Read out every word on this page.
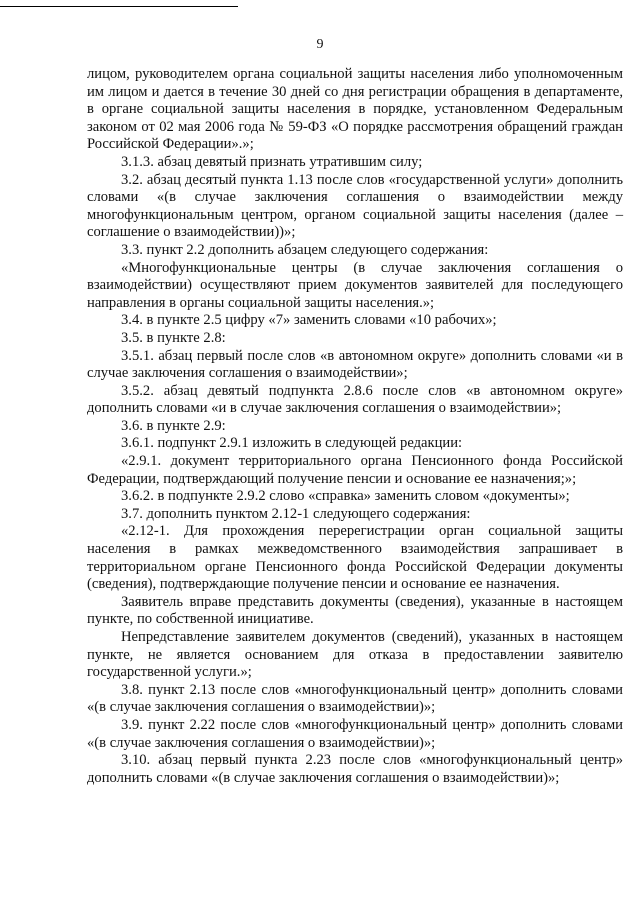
9

лицом, руководителем органа социальной защиты населения либо уполномоченным им лицом и дается в течение 30 дней со дня регистрации обращения в департаменте, в органе социальной защиты населения в порядке, установленном Федеральным законом от 02 мая 2006 года № 59-ФЗ «О порядке рассмотрения обращений граждан Российской Федерации».»;

3.1.3. абзац девятый признать утратившим силу;

3.2. абзац десятый пункта 1.13 после слов «государственной услуги» дополнить словами «(в случае заключения соглашения о взаимодействии между многофункциональным центром, органом социальной защиты населения (далее – соглашение о взаимодействии))»;

3.3. пункт 2.2 дополнить абзацем следующего содержания:

«Многофункциональные центры (в случае заключения соглашения о взаимодействии) осуществляют прием документов заявителей для последующего направления в органы социальной защиты населения.»;

3.4. в пункте 2.5 цифру «7» заменить словами «10 рабочих»;

3.5. в пункте 2.8:

3.5.1. абзац первый после слов «в автономном округе» дополнить словами «и в случае заключения соглашения о взаимодействии»;

3.5.2. абзац девятый подпункта 2.8.6 после слов «в автономном округе» дополнить словами «и в случае заключения соглашения о взаимодействии»;

3.6. в пункте 2.9:

3.6.1. подпункт 2.9.1 изложить в следующей редакции:

«2.9.1. документ территориального органа Пенсионного фонда Российской Федерации, подтверждающий получение пенсии и основание ее назначения;»;

3.6.2. в подпункте 2.9.2 слово «справка» заменить словом «документы»;

3.7. дополнить пунктом 2.12-1 следующего содержания:

«2.12-1. Для прохождения перерегистрации орган социальной защиты населения в рамках межведомственного взаимодействия запрашивает в территориальном органе Пенсионного фонда Российской Федерации документы (сведения), подтверждающие получение пенсии и основание ее назначения.

Заявитель вправе представить документы (сведения), указанные в настоящем пункте, по собственной инициативе.

Непредставление заявителем документов (сведений), указанных в настоящем пункте, не является основанием для отказа в предоставлении заявителю государственной услуги.»;

3.8. пункт 2.13 после слов «многофункциональный центр» дополнить словами «(в случае заключения соглашения о взаимодействии)»;

3.9. пункт 2.22 после слов «многофункциональный центр» дополнить словами «(в случае заключения соглашения о взаимодействии)»;

3.10. абзац первый пункта 2.23 после слов «многофункциональный центр» дополнить словами «(в случае заключения соглашения о взаимодействии)»;
